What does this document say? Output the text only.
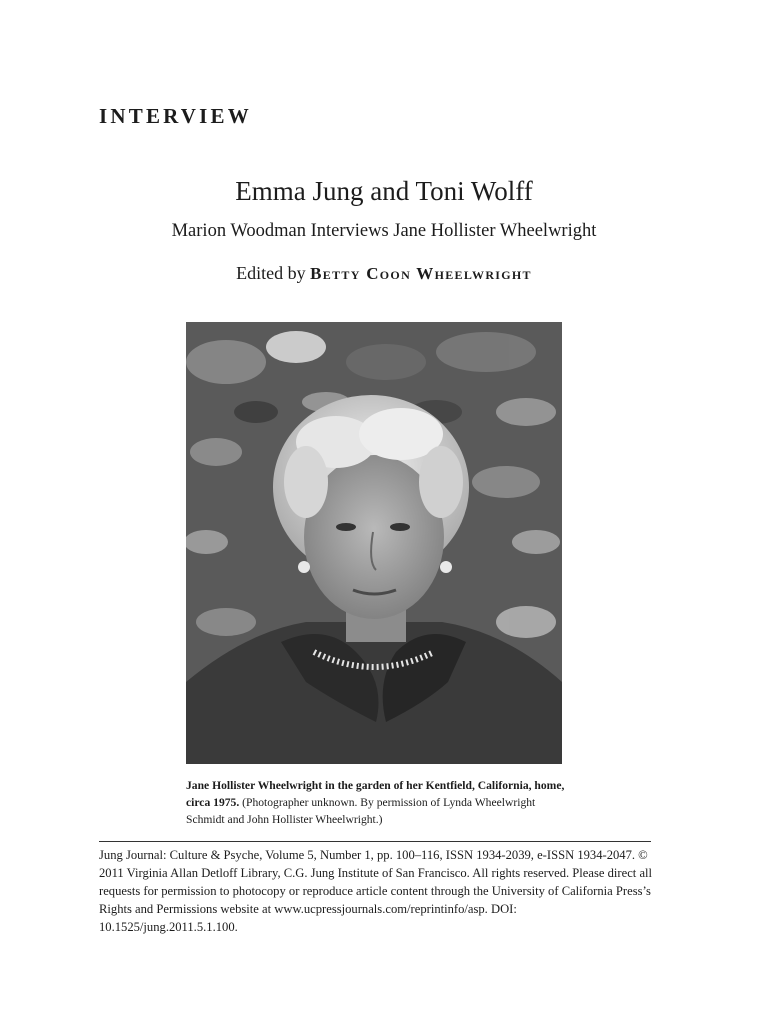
INTERVIEW
Emma Jung and Toni Wolff
Marion Woodman Interviews Jane Hollister Wheelwright
Edited by Betty Coon Wheelwright
Jane Hollister Wheelwright in the garden of her Kentfield, California, home, circa 1975. (Photographer unknown. By permission of Lynda Wheelwright Schmidt and John Hollister Wheelwright.)
Jung Journal: Culture & Psyche, Volume 5, Number 1, pp. 100–116, ISSN 1934-2039, e-ISSN 1934-2047. © 2011 Virginia Allan Detloff Library, C.G. Jung Institute of San Francisco. All rights reserved. Please direct all requests for permission to photocopy or reproduce article content through the University of California Press’s Rights and Permissions website at www.ucpressjournals.com/reprintinfo/asp. DOI: 10.1525/jung.2011.5.1.100.
